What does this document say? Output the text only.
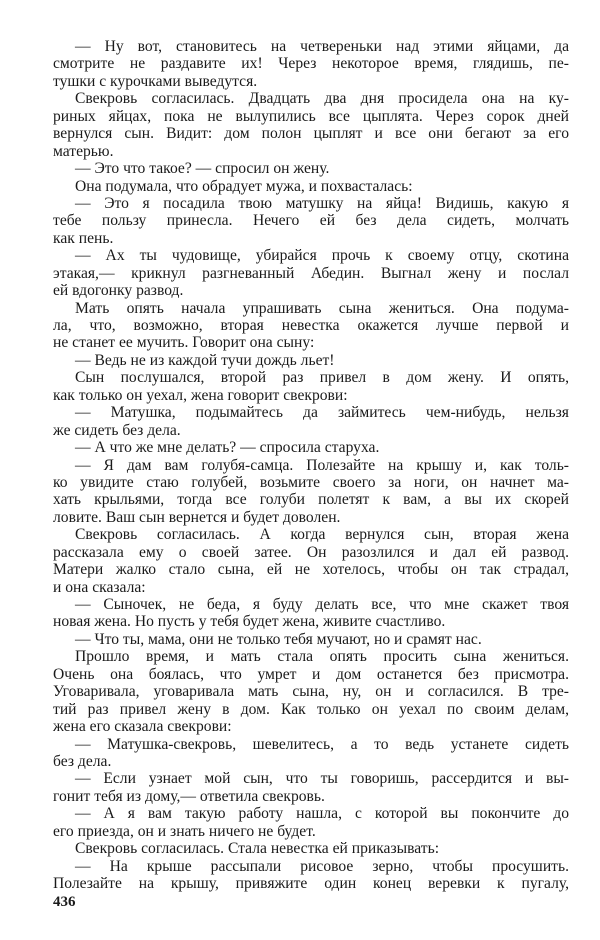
— Ну вот, становитесь на четвереньки над этими яйцами, да
смотрите не раздавите их! Через некоторое время, глядишь, пе-
тушки с курочками выведутся.
Свекровь согласилась. Двадцать два дня просидела она на ку-
риных яйцах, пока не вылупились все цыплята. Через сорок дней
вернулся сын. Видит: дом полон цыплят и все они бегают за его
матерью.
— Это что такое? — спросил он жену.
Она подумала, что обрадует мужа, и похвасталась:
— Это я посадила твою матушку на яйца! Видишь, какую я
тебе пользу принесла. Нечего ей без дела сидеть, молчать
как пень.
— Ах ты чудовище, убирайся прочь к своему отцу, скотина
этакая,— крикнул разгневанный Абедин. Выгнал жену и послал
ей вдогонку развод.
Мать опять начала упрашивать сына жениться. Она подума-
ла, что, возможно, вторая невестка окажется лучше первой и
не станет ее мучить. Говорит она сыну:
— Ведь не из каждой тучи дождь льет!
Сын послушался, второй раз привел в дом жену. И опять,
как только он уехал, жена говорит свекрови:
— Матушка, подымайтесь да займитесь чем-нибудь, нельзя
же сидеть без дела.
— А что же мне делать? — спросила старуха.
— Я дам вам голубя-самца. Полезайте на крышу и, как толь-
ко увидите стаю голубей, возьмите своего за ноги, он начнет ма-
хать крыльями, тогда все голуби полетят к вам, а вы их скорей
ловите. Ваш сын вернется и будет доволен.
Свекровь согласилась. А когда вернулся сын, вторая жена
рассказала ему о своей затее. Он разозлился и дал ей развод.
Матери жалко стало сына, ей не хотелось, чтобы он так страдал,
и она сказала:
— Сыночек, не беда, я буду делать все, что мне скажет твоя
новая жена. Но пусть у тебя будет жена, живите счастливо.
— Что ты, мама, они не только тебя мучают, но и срамят нас.
Прошло время, и мать стала опять просить сына жениться.
Очень она боялась, что умрет и дом останется без присмотра.
Уговаривала, уговаривала мать сына, ну, он и согласился. В тре-
тий раз привел жену в дом. Как только он уехал по своим делам,
жена его сказала свекрови:
— Матушка-свекровь, шевелитесь, а то ведь устанете сидеть
без дела.
— Если узнает мой сын, что ты говоришь, рассердится и вы-
гонит тебя из дому,— ответила свекровь.
— А я вам такую работу нашла, с которой вы покончите до
его приезда, он и знать ничего не будет.
Свекровь согласилась. Стала невестка ей приказывать:
— На крыше рассыпали рисовое зерно, чтобы просушить.
Полезайте на крышу, привяжите один конец веревки к пугалу,
436
